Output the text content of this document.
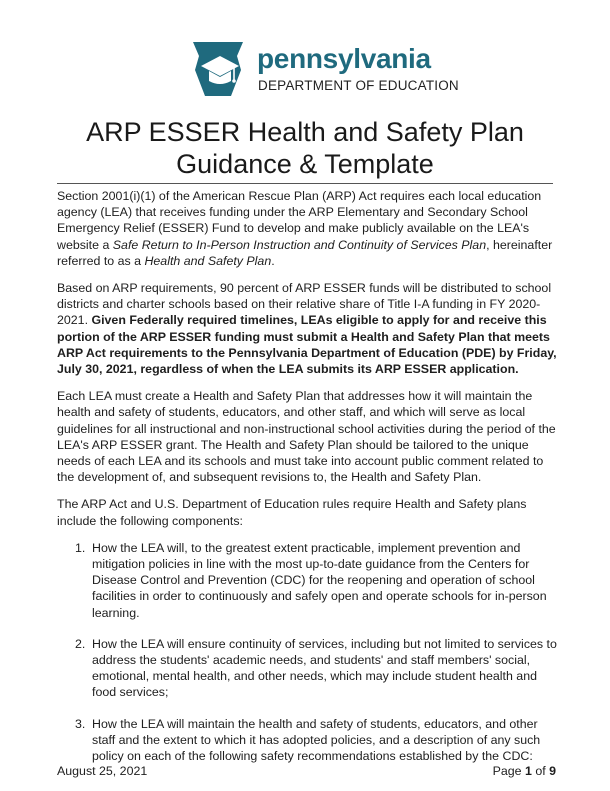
pennsylvania
DEPARTMENT OF EDUCATION
ARP ESSER Health and Safety Plan
Guidance & Template

Section 2001(i)(1) of the American Rescue Plan (ARP) Act requires each local education agency (LEA) that receives funding under the ARP Elementary and Secondary School Emergency Relief (ESSER) Fund to develop and make publicly available on the LEA's website a Safe Return to In-Person Instruction and Continuity of Services Plan, hereinafter referred to as a Health and Safety Plan.

Based on ARP requirements, 90 percent of ARP ESSER funds will be distributed to school districts and charter schools based on their relative share of Title I-A funding in FY 2020-2021. Given Federally required timelines, LEAs eligible to apply for and receive this portion of the ARP ESSER funding must submit a Health and Safety Plan that meets ARP Act requirements to the Pennsylvania Department of Education (PDE) by Friday, July 30, 2021, regardless of when the LEA submits its ARP ESSER application.

Each LEA must create a Health and Safety Plan that addresses how it will maintain the health and safety of students, educators, and other staff, and which will serve as local guidelines for all instructional and non-instructional school activities during the period of the LEA's ARP ESSER grant. The Health and Safety Plan should be tailored to the unique needs of each LEA and its schools and must take into account public comment related to the development of, and subsequent revisions to, the Health and Safety Plan.

The ARP Act and U.S. Department of Education rules require Health and Safety plans include the following components:

1. How the LEA will, to the greatest extent practicable, implement prevention and mitigation policies in line with the most up-to-date guidance from the Centers for Disease Control and Prevention (CDC) for the reopening and operation of school facilities in order to continuously and safely open and operate schools for in-person learning.
2. How the LEA will ensure continuity of services, including but not limited to services to address the students' academic needs, and students' and staff members' social, emotional, mental health, and other needs, which may include student health and food services;
3. How the LEA will maintain the health and safety of students, educators, and other staff and the extent to which it has adopted policies, and a description of any such policy on each of the following safety recommendations established by the CDC:
August 25, 2021	Page 1 of 9
